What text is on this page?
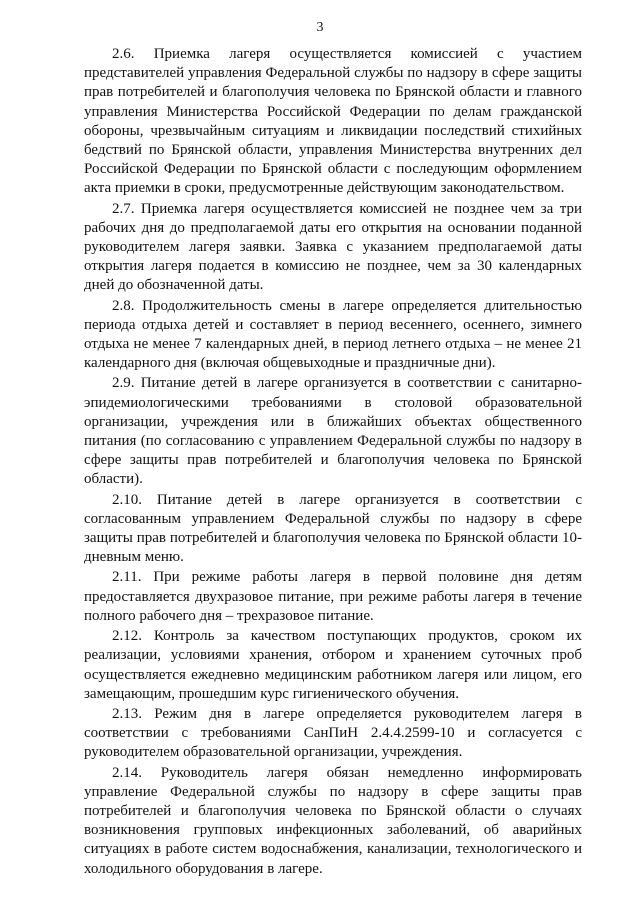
3

2.6. Приемка лагеря осуществляется комиссией с участием представителей управления Федеральной службы по надзору в сфере защиты прав потребителей и благополучия человека по Брянской области и главного управления Министерства Российской Федерации по делам гражданской обороны, чрезвычайным ситуациям и ликвидации последствий стихийных бедствий по Брянской области, управления Министерства внутренних дел Российской Федерации по Брянской области с последующим оформлением акта приемки в сроки, предусмотренные действующим законодательством.

2.7. Приемка лагеря осуществляется комиссией не позднее чем за три рабочих дня до предполагаемой даты его открытия на основании поданной руководителем лагеря заявки. Заявка с указанием предполагаемой даты открытия лагеря подается в комиссию не позднее, чем за 30 календарных дней до обозначенной даты.

2.8. Продолжительность смены в лагере определяется длительностью периода отдыха детей и составляет в период весеннего, осеннего, зимнего отдыха не менее 7 календарных дней, в период летнего отдыха – не менее 21 календарного дня (включая общевыходные и праздничные дни).

2.9. Питание детей в лагере организуется в соответствии с санитарно-эпидемиологическими требованиями в столовой образовательной организации, учреждения или в ближайших объектах общественного питания (по согласованию с управлением Федеральной службы по надзору в сфере защиты прав потребителей и благополучия человека по Брянской области).

2.10. Питание детей в лагере организуется в соответствии с согласованным управлением Федеральной службы по надзору в сфере защиты прав потребителей и благополучия человека по Брянской области 10-дневным меню.

2.11. При режиме работы лагеря в первой половине дня детям предоставляется двухразовое питание, при режиме работы лагеря в течение полного рабочего дня – трехразовое питание.

2.12. Контроль за качеством поступающих продуктов, сроком их реализации, условиями хранения, отбором и хранением суточных проб осуществляется ежедневно медицинским работником лагеря или лицом, его замещающим, прошедшим курс гигиенического обучения.

2.13. Режим дня в лагере определяется руководителем лагеря в соответствии с требованиями СанПиН 2.4.4.2599-10 и согласуется с руководителем образовательной организации, учреждения.

2.14. Руководитель лагеря обязан немедленно информировать управление Федеральной службы по надзору в сфере защиты прав потребителей и благополучия человека по Брянской области о случаях возникновения групповых инфекционных заболеваний, об аварийных ситуациях в работе систем водоснабжения, канализации, технологического и холодильного оборудования в лагере.
